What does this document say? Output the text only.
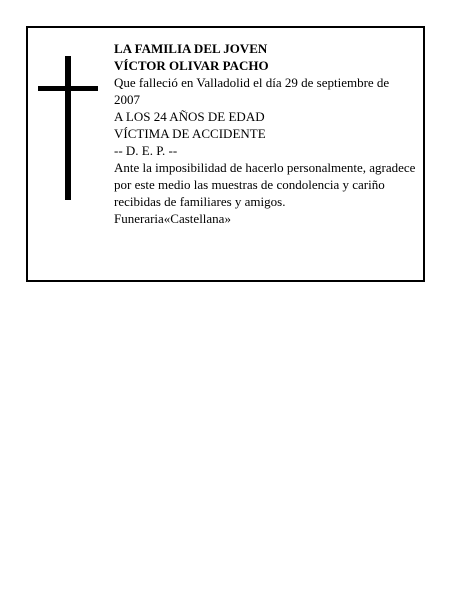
LA FAMILIA DEL JOVEN
VÍCTOR OLIVAR PACHO
Que falleció en Valladolid el día 29 de septiembre de 2007
A LOS 24 AÑOS DE EDAD
VÍCTIMA DE ACCIDENTE
-- D. E. P. --
Ante la imposibilidad de hacerlo personalmente, agradece por este medio las muestras de condolencia y cariño recibidas de familiares y amigos.
Funeraria«Castellana»
